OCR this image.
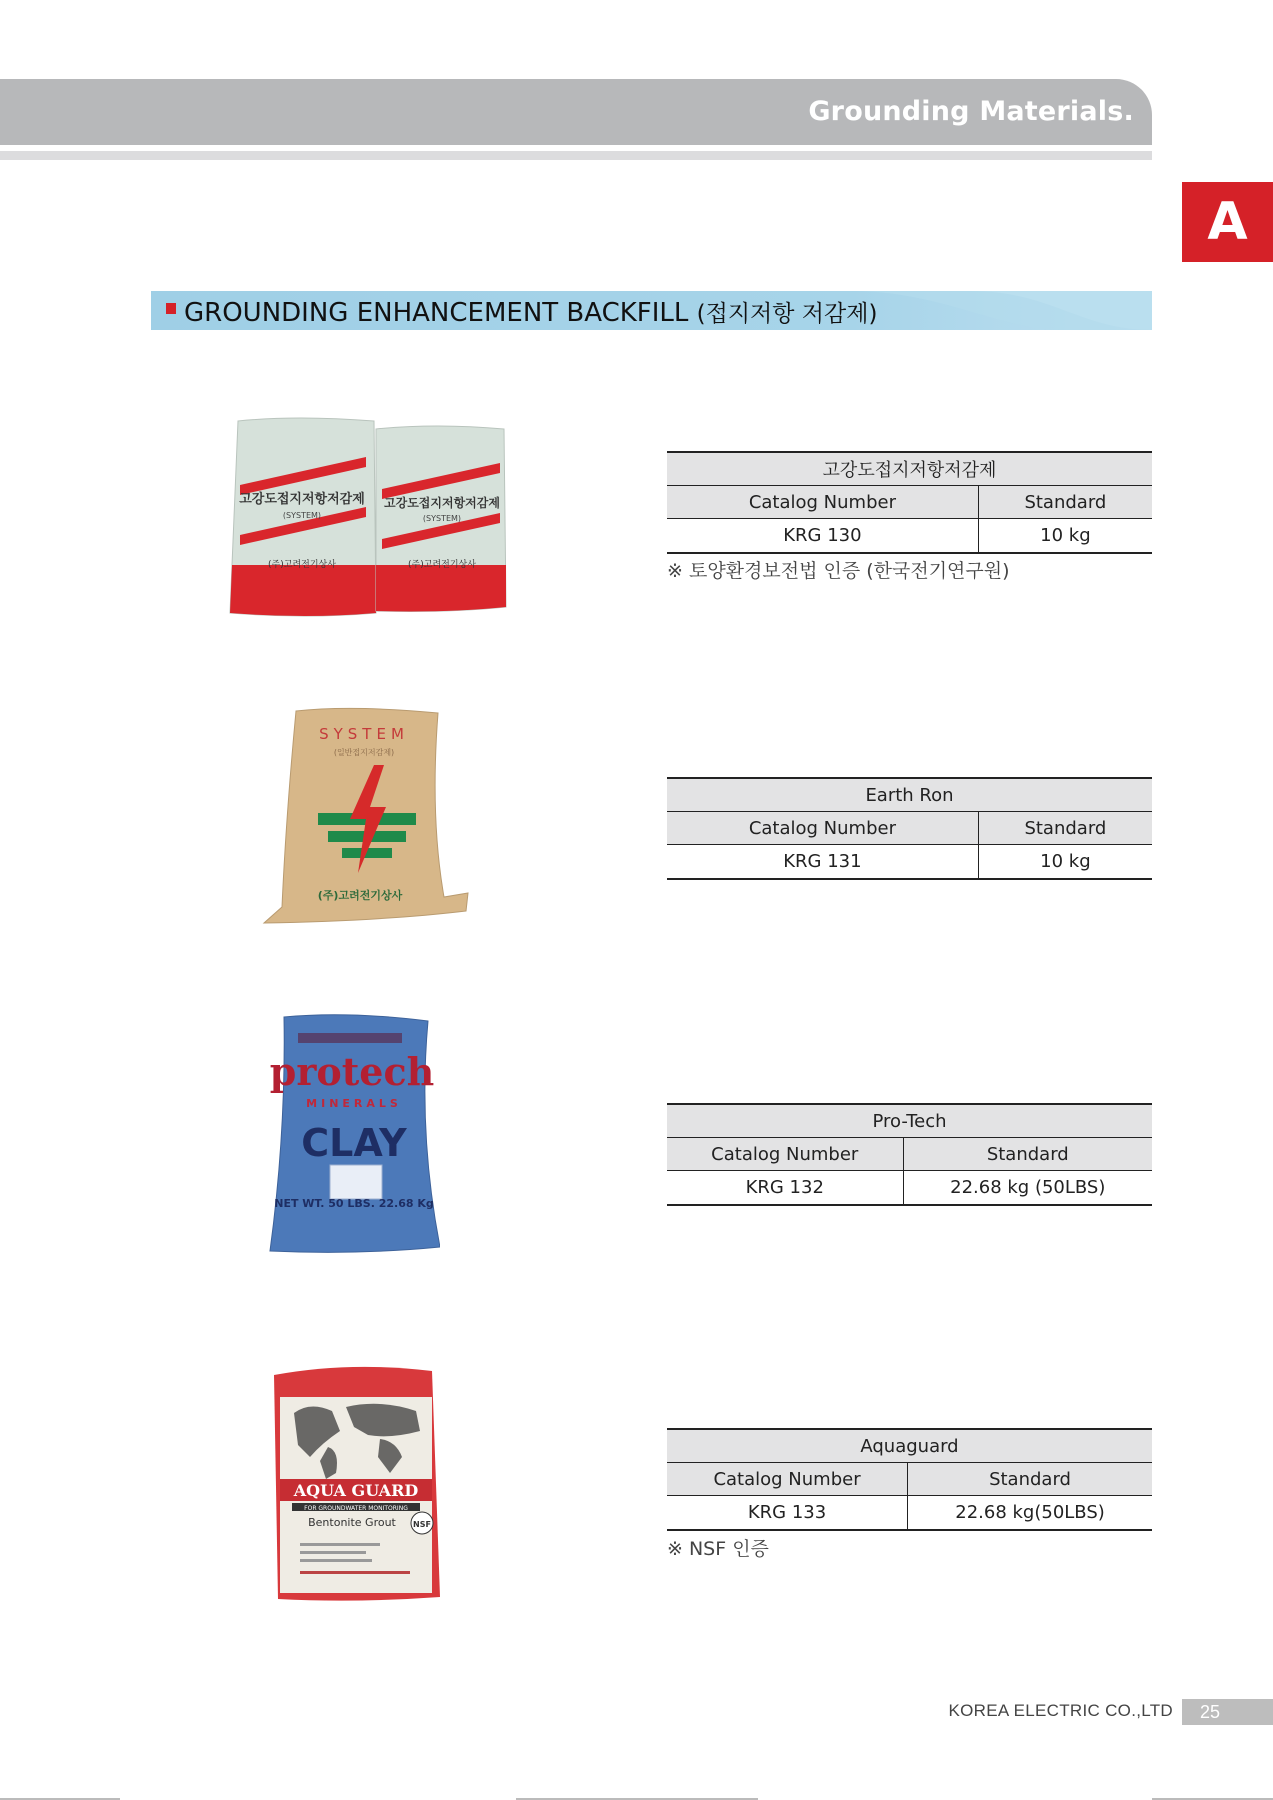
Grounding Materials.
A
GROUNDING ENHANCEMENT BACKFILL (접지저항 저감제)
고강도접지저항저감제
(SYSTEM)
(주)고려전기상사
고강도접지저항저감제
(SYSTEM)
(주)고려전기상사
SYSTEM
(일반접지저감제)
(주)고려전기상사
protech
MINERALS
CLAY
NET WT. 50 LBS. 22.68 Kg
AQUA GUARD
FOR GROUNDWATER MONITORING
Bentonite Grout NSF
고강도접지저항저감제	
Catalog Number	Standard
KRG 130	10 kg
※ 토양환경보전법 인증 (한국전기연구원)
Earth Ron	
Catalog Number	Standard
KRG 131	10 kg
Pro-Tech	
Catalog Number	Standard
KRG 132	22.68 kg (50LBS)
Aquaguard	
Catalog Number	Standard
KRG 133	22.68 kg(50LBS)
※ NSF 인증
KOREA ELECTRIC CO.,LTD	25
